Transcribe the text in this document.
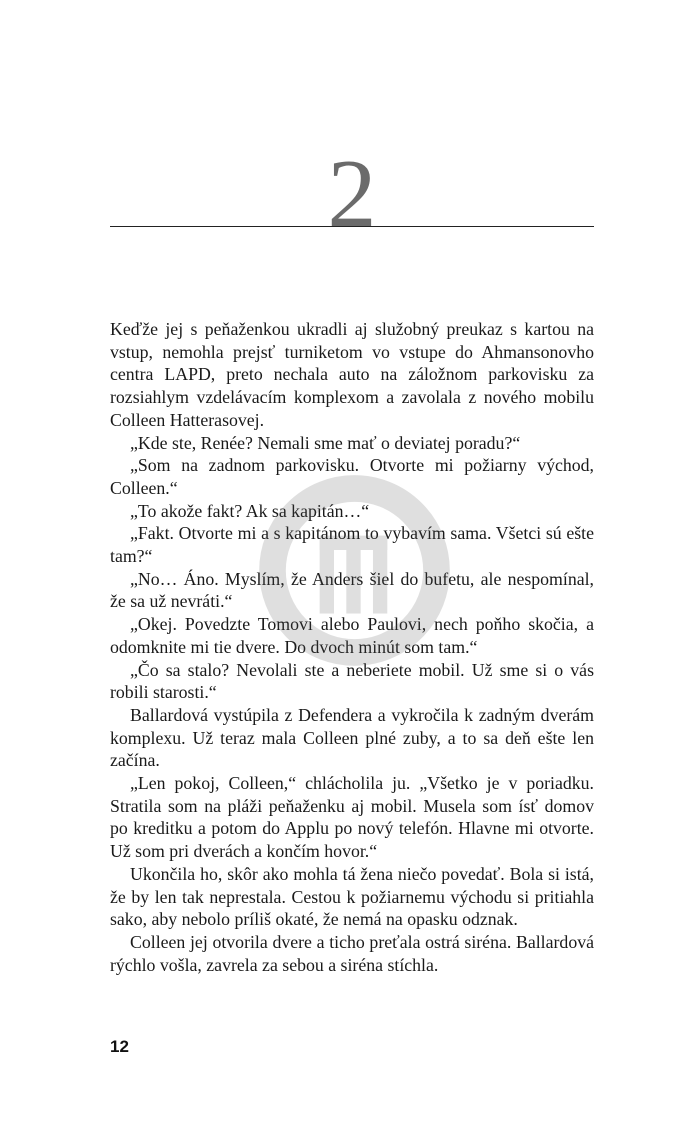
2

Keďže jej s peňaženkou ukradli aj služobný preukaz s kartou na vstup, nemohla prejsť turniketom vo vstupe do Ahmansonovho centra LAPD, preto nechala auto na záložnom parkovisku za rozsiahlym vzdelávacím komplexom a zavolala z nového mobilu Colleen Hatterasovej.

„Kde ste, Renée? Nemali sme mať o deviatej poradu?“

„Som na zadnom parkovisku. Otvorte mi požiarny východ, Colleen.“

„To akože fakt? Ak sa kapitán…“

„Fakt. Otvorte mi a s kapitánom to vybavím sama. Všetci sú ešte tam?“

„No… Áno. Myslím, že Anders šiel do bufetu, ale nespomínal, že sa už nevráti.“

„Okej. Povedzte Tomovi alebo Paulovi, nech poňho skočia, a odomknite mi tie dvere. Do dvoch minút som tam.“

„Čo sa stalo? Nevolali ste a neberiete mobil. Už sme si o vás robili starosti.“

Ballardová vystúpila z Defendera a vykročila k zadným dverám komplexu. Už teraz mala Colleen plné zuby, a to sa deň ešte len začína.

„Len pokoj, Colleen,“ chlácholila ju. „Všetko je v poriadku. Stratila som na pláži peňaženku aj mobil. Musela som ísť domov po kreditku a potom do Applu po nový telefón. Hlavne mi otvorte. Už som pri dverách a končím hovor.“

Ukončila ho, skôr ako mohla tá žena niečo povedať. Bola si istá, že by len tak neprestala. Cestou k požiarnemu východu si pritiahla sako, aby nebolo príliš okaté, že nemá na opasku odznak.

Colleen jej otvorila dvere a ticho preťala ostrá siréna. Ballardová rýchlo vošla, zavrela za sebou a siréna stíchla.

12
